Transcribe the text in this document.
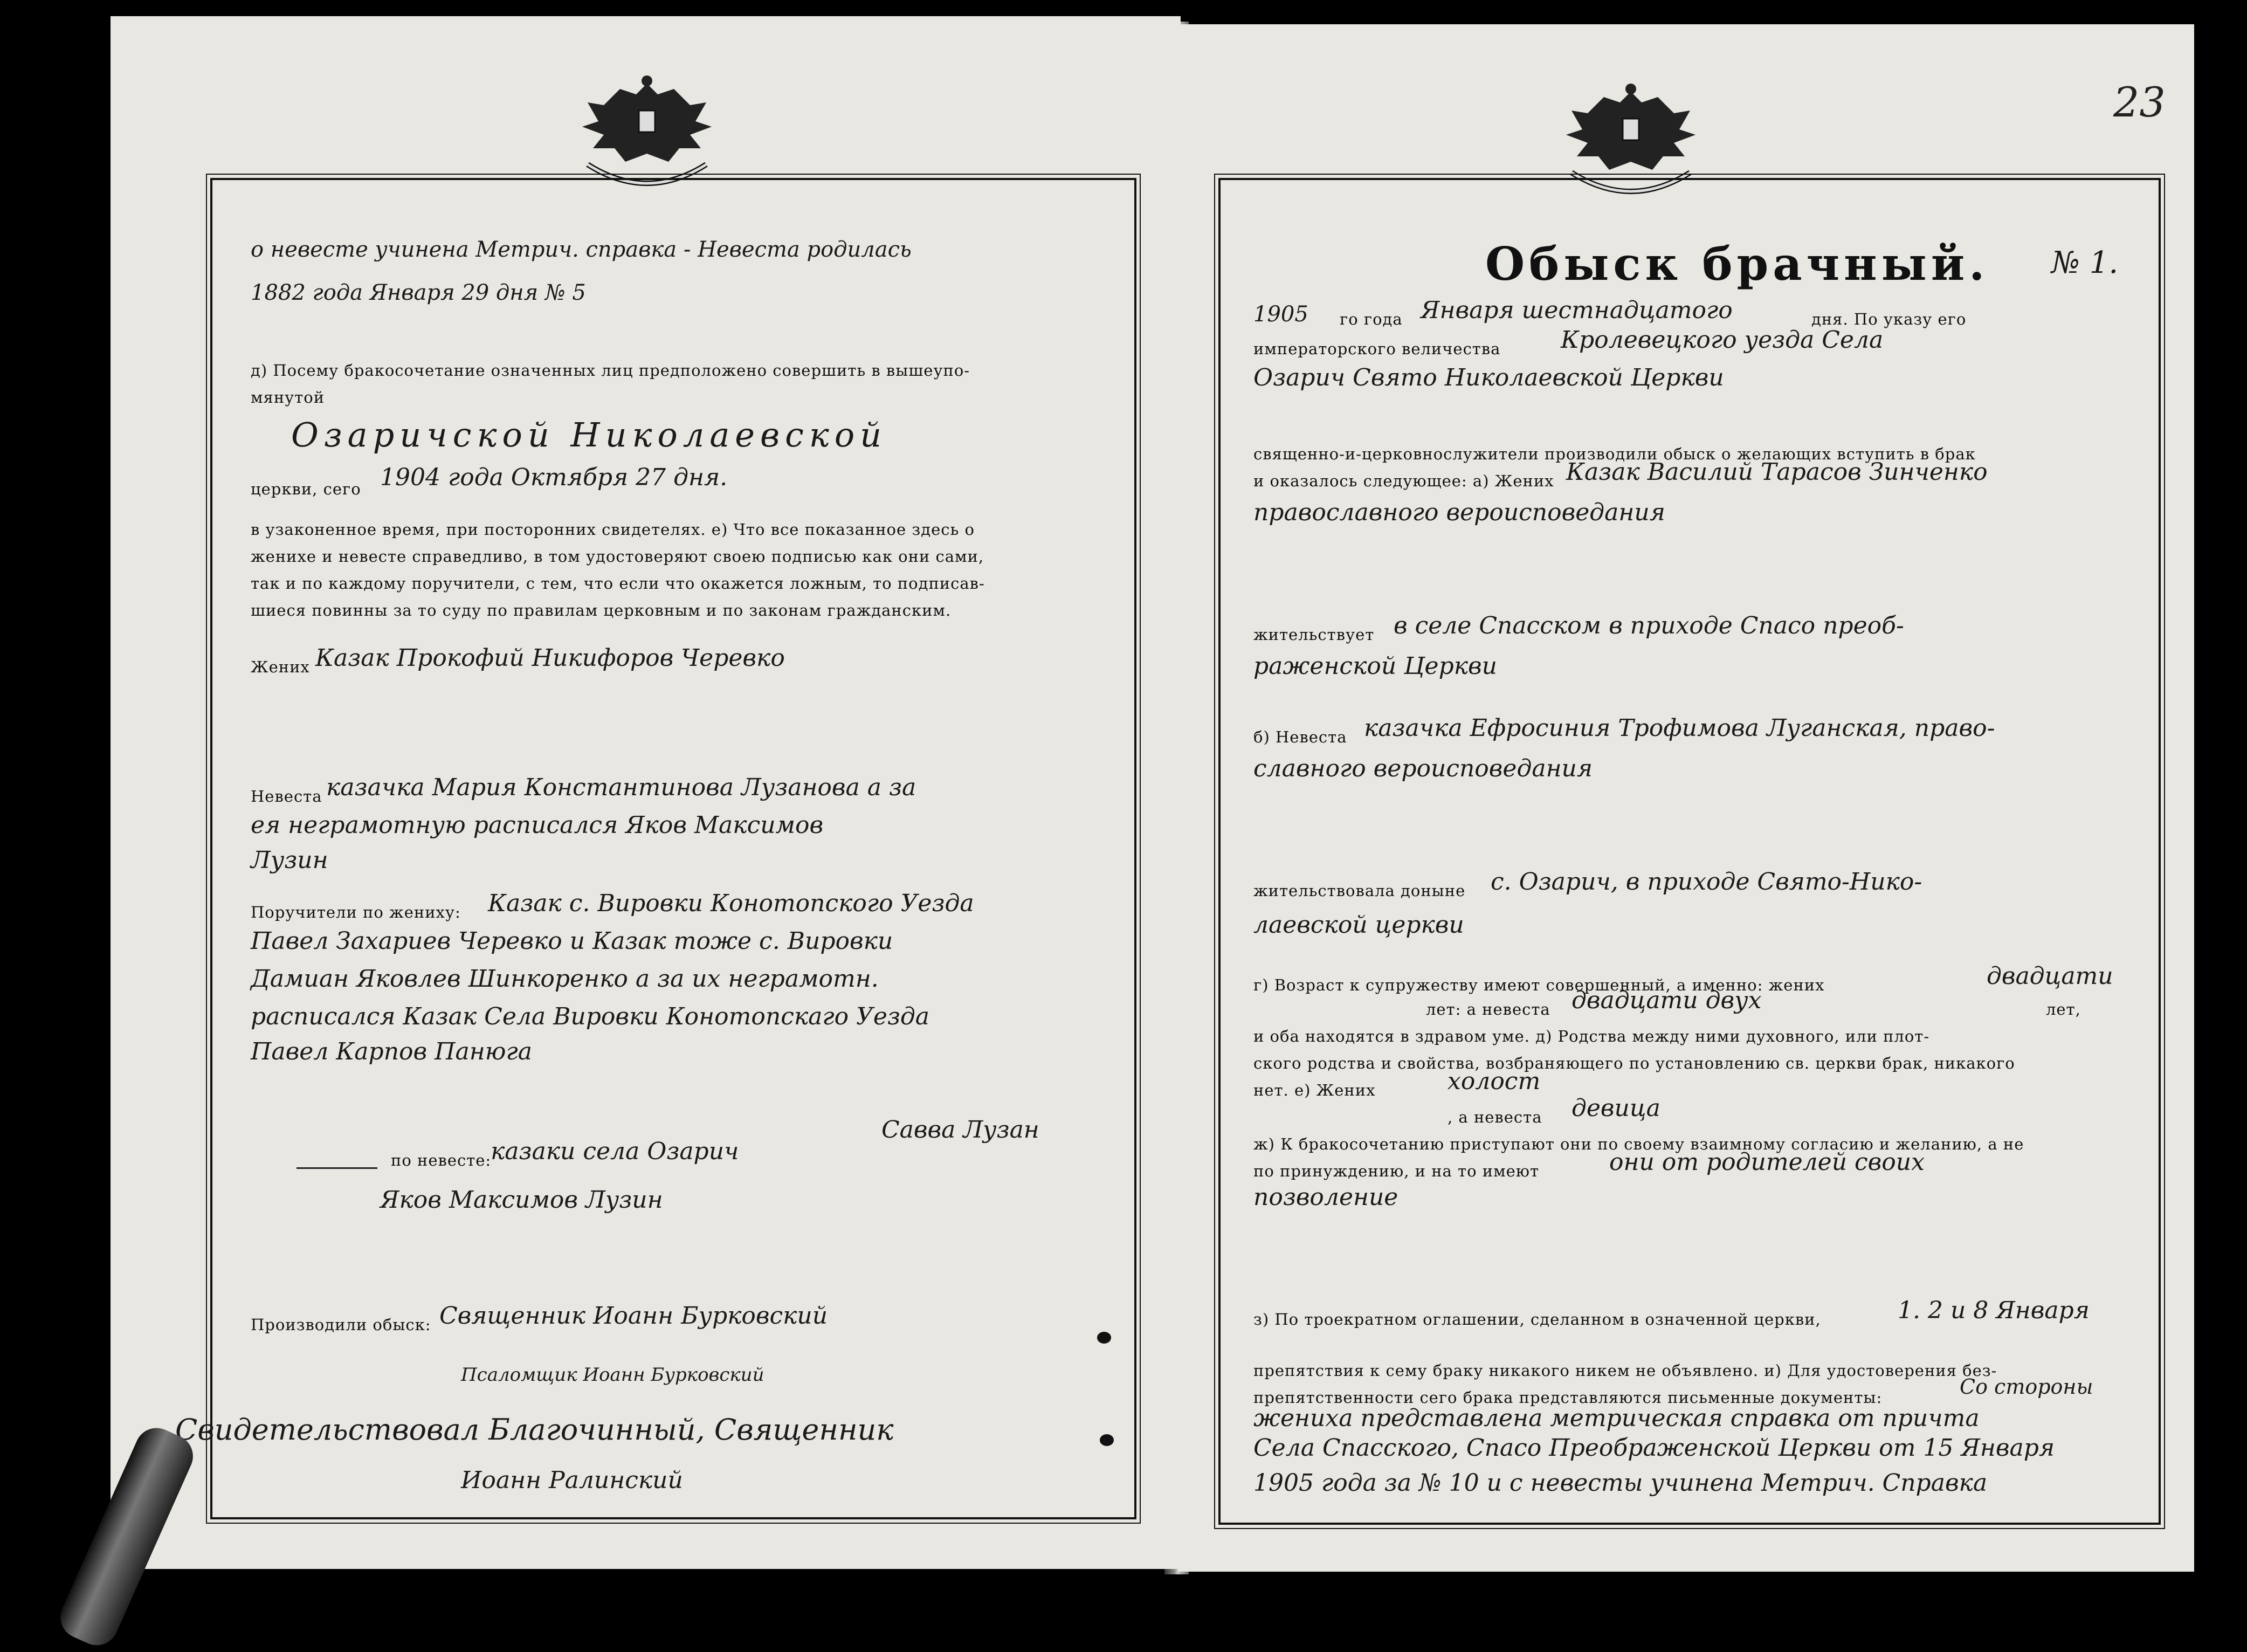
о невесте учинена Метрич. справка - Невеста родилась
1882 года Января 29 дня № 5
д) Посему бракосочетание означенных лиц предположено совершить в вышеупо-
мянутой
Озаричской Николаевской
церкви, сего 1904 года Октября 27 дня.
в узаконенное время, при посторонних свидетелях. е) Что все показанное здесь о
женихе и невесте справедливо, в том удостоверяют своею подписью как они сами,
так и по каждому поручители, с тем, что если что окажется ложным, то подписав-
шиеся повинны за то суду по правилам церковным и по законам гражданским.
Жених Казак Прокофий Никифоров Черевко
Невеста казачка Мария Константинова Лузанова а за
ея неграмотную расписался Яков Максимов
Лузин
Поручители по жениху: Казак с. Вировки Конотопского Уезда
Павел Захариев Черевко и Казак тоже с. Вировки
Дамиан Яковлев Шинкоренко а за их неграмотн.
расписался Казак Села Вировки Конотопскаго Уезда
Павел Карпов Панюга
по невесте:
казаки села Озарич
Савва Лузан
Яков Максимов Лузин
Производили обыск: Священник Иоанн Бурковский
Псаломщик Иоанн Бурковский
Свидетельствовал Благочинный, Священник
Иоанн Ралинский
23
Обыск брачный. № 1.
1905 го года Января шестнадцатого	дня. По указу его
императорского величества	Кролевецкого уезда Села
Озарич Свято Николаевской Церкви
священно-и-церковнослужители производили обыск о желающих вступить в брак
и оказалось следующее: а) Жених Казак Василий Тарасов Зинченко
православного вероисповедания
жительствует в селе Спасском в приходе Спасо преоб-
раженской Церкви
б) Невеста казачка Ефросиния Трофимова Луганская, право-
славного вероисповедания
жительствовала доныне с. Озарич, в приходе Свято-Нико-
лаевской церкви
г) Возраст к супружеству имеют совершенный, а именно: жених	двадцати
лет: а невеста двадцати двух	лет,
и оба находятся в здравом уме. д) Родства между ними духовного, или плот-
ского родства и свойства, возбраняющего по установлению св. церкви брак, никакого
нет. е) Жених	холост
, а невеста девица
ж) К бракосочетанию приступают они по своему взаимному согласию и желанию, а не
по принуждению, и на то имеют	они от родителей своих
позволение
з) По троекратном оглашении, сделанном в означенной церкви,	1. 2 и 8 Января
препятствия к сему браку никакого никем не объявлено. и) Для удостоверения без-
препятственности сего брака представляются письменные документы:	Со стороны
жениха представлена метрическая справка от причта
Села Спасского, Спасо Преображенской Церкви от 15 Января
1905 года за № 10 и с невесты учинена Метрич. Справка
